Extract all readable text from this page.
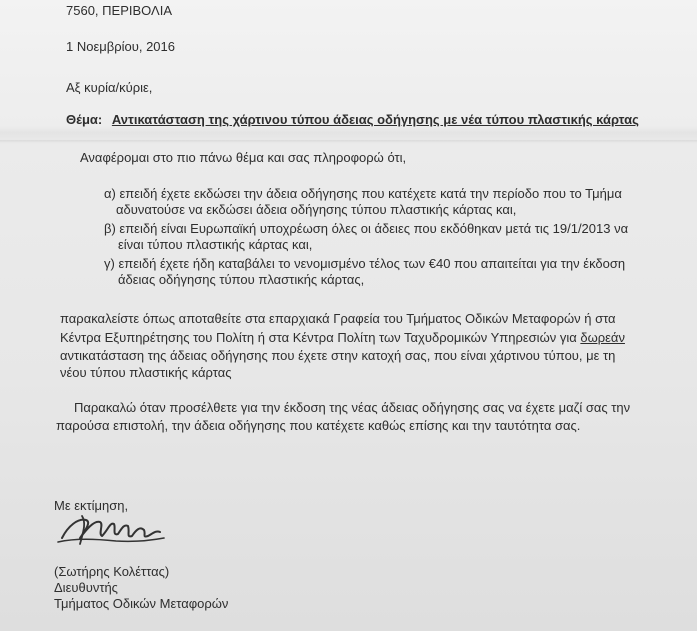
7560, ΠΕΡΙΒΟΛΙΑ
1 Νοεμβρίου, 2016
Αξ κυρία/κύριε,
Θέμα: Αντικατάσταση της χάρτινου τύπου άδειας οδήγησης με νέα τύπου πλαστικής κάρτας
Αναφέρομαι στο πιο πάνω θέμα και σας πληροφορώ ότι,
α) επειδή έχετε εκδώσει την άδεια οδήγησης που κατέχετε κατά την περίοδο που το Τμήμα
αδυνατούσε να εκδώσει άδεια οδήγησης τύπου πλαστικής κάρτας και,
β) επειδή είναι Ευρωπαϊκή υποχρέωση όλες οι άδειες που εκδόθηκαν μετά τις 19/1/2013 να
είναι τύπου πλαστικής κάρτας και,
γ) επειδή έχετε ήδη καταβάλει το νενομισμένο τέλος των €40 που απαιτείται για την έκδοση
άδειας οδήγησης τύπου πλαστικής κάρτας,
παρακαλείστε όπως αποταθείτε στα επαρχιακά Γραφεία του Τμήματος Οδικών Μεταφορών ή στα
Κέντρα Εξυπηρέτησης του Πολίτη ή στα Κέντρα Πολίτη των Ταχυδρομικών Υπηρεσιών για δωρεάν
αντικατάσταση της άδειας οδήγησης που έχετε στην κατοχή σας, που είναι χάρτινου τύπου, με τη
νέου τύπου πλαστικής κάρτας
Παρακαλώ όταν προσέλθετε για την έκδοση της νέας άδειας οδήγησης σας να έχετε μαζί σας την
παρούσα επιστολή, την άδεια οδήγησης που κατέχετε καθώς επίσης και την ταυτότητα σας.
Με εκτίμηση,
(Σωτήρης Κολέττας)
Διευθυντής
Τμήματος Οδικών Μεταφορών
